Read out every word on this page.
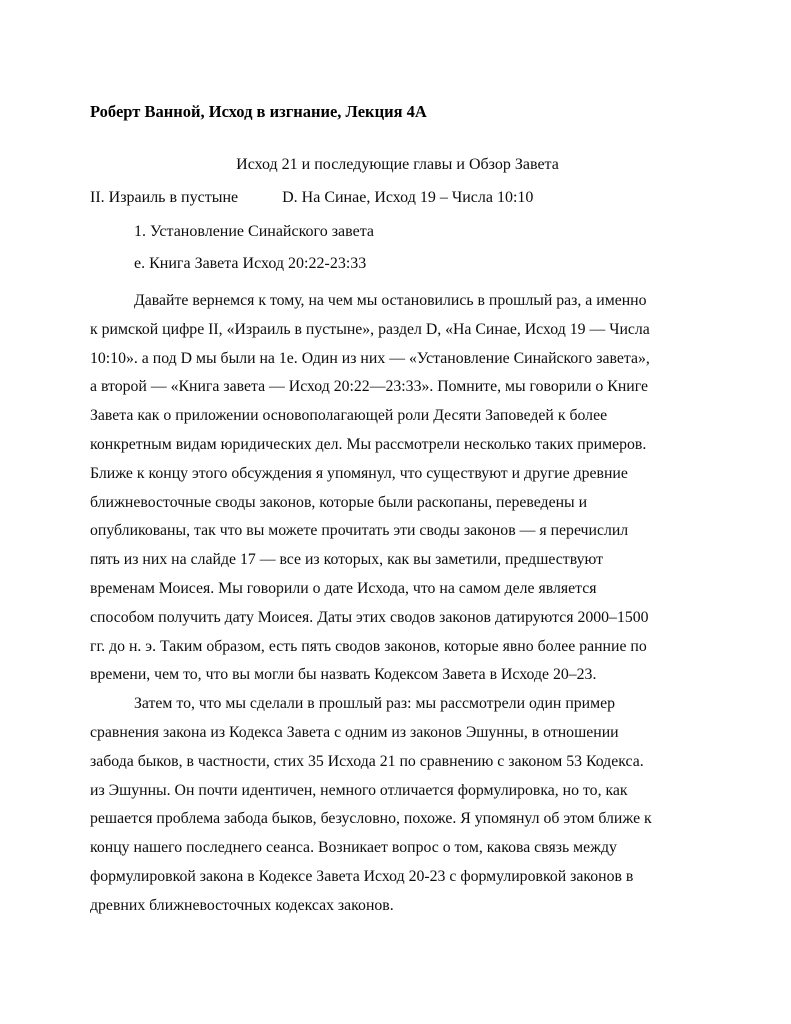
Роберт Ванной, Исход в изгнание, Лекция 4А
Исход 21 и последующие главы и Обзор Завета
II. Израиль в пустыне	D. На Синае, Исход 19 – Числа 10:10
1. Установление Синайского завета
е. Книга Завета Исход 20:22-23:33
Давайте вернемся к тому, на чем мы остановились в прошлый раз, а именно
к римской цифре II, «Израиль в пустыне», раздел D, «На Синае, Исход 19 — Числа
10:10». а под D мы были на 1е. Один из них — «Установление Синайского завета»,
а второй — «Книга завета — Исход 20:22—23:33». Помните, мы говорили о Книге
Завета как о приложении основополагающей роли Десяти Заповедей к более
конкретным видам юридических дел. Мы рассмотрели несколько таких примеров.
Ближе к концу этого обсуждения я упомянул, что существуют и другие древние
ближневосточные своды законов, которые были раскопаны, переведены и
опубликованы, так что вы можете прочитать эти своды законов — я перечислил
пять из них на слайде 17 — все из которых, как вы заметили, предшествуют
временам Моисея. Мы говорили о дате Исхода, что на самом деле является
способом получить дату Моисея. Даты этих сводов законов датируются 2000–1500
гг. до н. э. Таким образом, есть пять сводов законов, которые явно более ранние по
времени, чем то, что вы могли бы назвать Кодексом Завета в Исходе 20–23.
Затем то, что мы сделали в прошлый раз: мы рассмотрели один пример
сравнения закона из Кодекса Завета с одним из законов Эшунны, в отношении
забода быков, в частности, стих 35 Исхода 21 по сравнению с законом 53 Кодекса.
из Эшунны. Он почти идентичен, немного отличается формулировка, но то, как
решается проблема забода быков, безусловно, похоже. Я упомянул об этом ближе к
концу нашего последнего сеанса. Возникает вопрос о том, какова связь между
формулировкой закона в Кодексе Завета Исход 20-23 с формулировкой законов в
древних ближневосточных кодексах законов.
